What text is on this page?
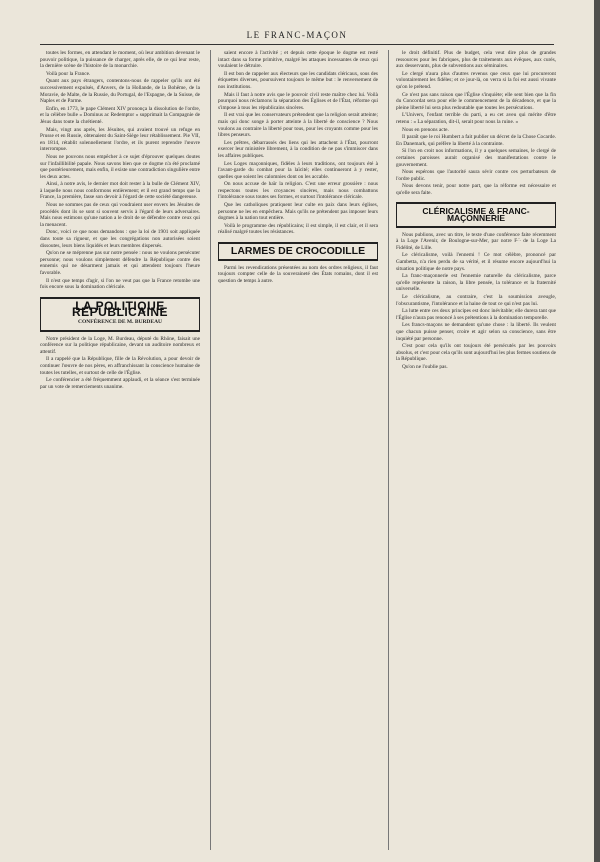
LE FRANC-MAÇON

toutes les formes, en attendant le moment, où leur ambition devenant le pouvoir politique, la puissance de charger, après elle, de ce qui leur reste, la dernière scène de l'histoire de la monarchie.

Voilà pour la France.

Quant aux pays étrangers, contentons-nous de rappeler qu'ils ont été successivement expulsés, d'Anvers, de la Hollande, de la Bohême, de la Moravie, de Malte, de la Russie, du Portugal, de l'Espagne, de la Suisse, de Naples et de Parme.

Enfin, en 1773, le pape Clément XIV prononça la dissolution de l'ordre, et la célèbre bulle « Dominus ac Redemptor » supprimait la Compagnie de Jésus dans toute la chrétienté.

Mais, vingt ans après, les Jésuites, qui avaient trouvé un refuge en Prusse et en Russie, obtenaient du Saint-Siège leur rétablissement. Pie VII, en 1814, rétablit solennellement l'ordre, et ils purent reprendre l'œuvre interrompue.

Nous ne pouvons nous empêcher à ce sujet d'éprouver quelques doutes sur l'infaillibilité papale. Nous savons bien que ce dogme n'a été proclamé que postérieurement, mais enfin, il existe une contradiction singulière entre les deux actes.

Ainsi, à notre avis, le dernier mot doit rester à la bulle de Clément XIV, à laquelle nous nous conformons entièrement; et il est grand temps que la France, la première, fasse son devoir à l'égard de cette société dangereuse.

Nous ne sommes pas de ceux qui voudraient user envers les Jésuites de procédés dont ils se sont si souvent servis à l'égard de leurs adversaires. Mais nous estimons qu'une nation a le droit de se défendre contre ceux qui la menacent.

Donc, voici ce que nous demandons : que la loi de 1901 soit appliquée dans toute sa rigueur, et que les congrégations non autorisées soient dissoutes, leurs biens liquidés et leurs membres dispersés.

Qu'on ne se méprenne pas sur notre pensée : nous ne voulons persécuter personne; nous voulons simplement défendre la République contre des ennemis qui ne désarment jamais et qui attendent toujours l'heure favorable.

Il n'est que temps d'agir, si l'on ne veut pas que la France retombe une fois encore sous la domination cléricale.

LA POLITIQUE RÉPUBLICAINE
CONFÉRENCE DE M. BURDEAU

Notre président de la Loge, M. Burdeau, député du Rhône, faisait une conférence sur la politique républicaine, devant un auditoire nombreux et attentif.

Il a rappelé que la République, fille de la Révolution, a pour devoir de continuer l'œuvre de nos pères, en affranchissant la conscience humaine de toutes les tutelles, et surtout de celle de l'Église.

Le conférencier a été fréquemment applaudi, et la séance s'est terminée par un vote de remerciements unanime.

saient encore à l'activité ; et depuis cette époque le dogme est resté intact dans sa forme primitive, malgré les attaques incessantes de ceux qui voulaient le détruire.

Il est bon de rappeler aux électeurs que les candidats cléricaux, sous des étiquettes diverses, poursuivent toujours le même but : le renversement de nos institutions.

Mais il faut à notre avis que le pouvoir civil reste maître chez lui. Voilà pourquoi nous réclamons la séparation des Églises et de l'État, réforme qui s'impose à tous les républicains sincères.

Il est vrai que les conservateurs prétendent que la religion serait atteinte; mais qui donc songe à porter atteinte à la liberté de conscience ? Nous voulons au contraire la liberté pour tous, pour les croyants comme pour les libres penseurs.

Les prêtres, débarrassés des liens qui les attachent à l'État, pourront exercer leur ministère librement, à la condition de ne pas s'immiscer dans les affaires publiques.

Les Loges maçonniques, fidèles à leurs traditions, ont toujours été à l'avant-garde du combat pour la laïcité; elles continueront à y rester, quelles que soient les calomnies dont on les accable.

On nous accuse de haïr la religion. C'est une erreur grossière : nous respectons toutes les croyances sincères, mais nous combattons l'intolérance sous toutes ses formes, et surtout l'intolérance cléricale.

Que les catholiques pratiquent leur culte en paix dans leurs églises, personne ne les en empêchera. Mais qu'ils ne prétendent pas imposer leurs dogmes à la nation tout entière.

Voilà le programme des républicains; il est simple, il est clair, et il sera réalisé malgré toutes les résistances.

LARMES DE CROCODILLE

Parmi les revendications présentées au nom des ordres religieux, il faut toujours compter celle de la souveraineté des États romains, dont il est question de temps à autre.

le droit définitif. Plus de budget, cela veut dire plus de grandes ressources pour les fabriques, plus de traitements aux évêques, aux curés, aux desservants, plus de subventions aux séminaires.

Le clergé n'aura plus d'autres revenus que ceux que lui procureront volontairement les fidèles; et ce jour-là, on verra si la foi est aussi vivante qu'on le prétend.

Ce n'est pas sans raison que l'Église s'inquiète; elle sent bien que la fin du Concordat sera pour elle le commencement de la décadence, et que la pleine liberté lui sera plus redoutable que toutes les persécutions.

L'Univers, l'enfant terrible du parti, a eu cet aveu qui mérite d'être retenu : « La séparation, dit-il, serait pour nous la ruine. »

Nous en prenons acte.

Il paraît que le roi Humbert a fait publier un décret de la Chose Cocarde. En Danemark, qui préfère la liberté à la contrainte.

Si l'on en croit nos informations, il y a quelques semaines, le clergé de certaines paroisses aurait organisé des manifestations contre le gouvernement.

Nous espérons que l'autorité saura sévir contre ces perturbateurs de l'ordre public.

Nous devons tenir, pour notre part, que la réforme est nécessaire et qu'elle sera faite.

CLÉRICALISME & FRANC-MAÇONNERIE

Nous publions, avec un titre, le texte d'une conférence faite récemment à la Loge l'Avenir, de Boulogne-sur-Mer, par notre F∴ de la Loge La Fidélité, de Lille.

Le cléricalisme, voilà l'ennemi ! Ce mot célèbre, prononcé par Gambetta, n'a rien perdu de sa vérité, et il résume encore aujourd'hui la situation politique de notre pays.

La franc-maçonnerie est l'ennemie naturelle du cléricalisme, parce qu'elle représente la raison, la libre pensée, la tolérance et la fraternité universelle.

Le cléricalisme, au contraire, c'est la soumission aveugle, l'obscurantisme, l'intolérance et la haine de tout ce qui n'est pas lui.

La lutte entre ces deux principes est donc inévitable; elle durera tant que l'Église n'aura pas renoncé à ses prétentions à la domination temporelle.

Les francs-maçons ne demandent qu'une chose : la liberté. Ils veulent que chacun puisse penser, croire et agir selon sa conscience, sans être inquiété par personne.

C'est pour cela qu'ils ont toujours été persécutés par les pouvoirs absolus, et c'est pour cela qu'ils sont aujourd'hui les plus fermes soutiens de la République.

Qu'on ne l'oublie pas.
